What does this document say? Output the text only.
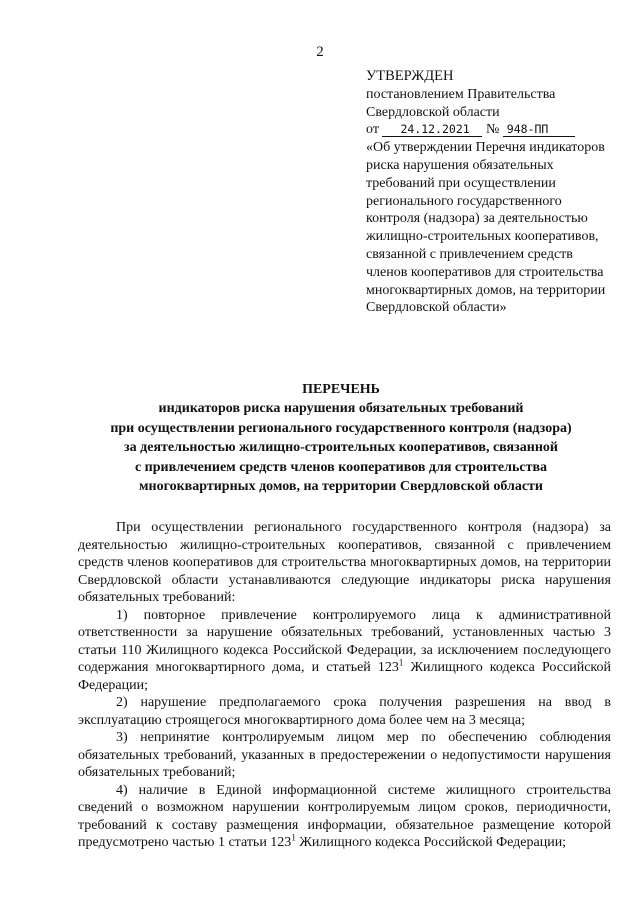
2
УТВЕРЖДЕН
постановлением Правительства
Свердловской области
от 24.12.2021 № 948-ПП
«Об утверждении Перечня индикаторов риска нарушения обязательных требований при осуществлении регионального государственного контроля (надзора) за деятельностью жилищно-строительных кооперативов, связанной с привлечением средств членов кооперативов для строительства многоквартирных домов, на территории Свердловской области»
ПЕРЕЧЕНЬ
индикаторов риска нарушения обязательных требований
при осуществлении регионального государственного контроля (надзора)
за деятельностью жилищно-строительных кооперативов, связанной
с привлечением средств членов кооперативов для строительства
многоквартирных домов, на территории Свердловской области

При осуществлении регионального государственного контроля (надзора) за деятельностью жилищно-строительных кооперативов, связанной с привлечением средств членов кооперативов для строительства многоквартирных домов, на территории Свердловской области устанавливаются следующие индикаторы риска нарушения обязательных требований:

1) повторное привлечение контролируемого лица к административной ответственности за нарушение обязательных требований, установленных частью 3 статьи 110 Жилищного кодекса Российской Федерации, за исключением последующего содержания многоквартирного дома, и статьей $123^1$ Жилищного кодекса Российской Федерации;

2) нарушение предполагаемого срока получения разрешения на ввод в эксплуатацию строящегося многоквартирного дома более чем на 3 месяца;

3) непринятие контролируемым лицом мер по обеспечению соблюдения обязательных требований, указанных в предостережении о недопустимости нарушения обязательных требований;

4) наличие в Единой информационной системе жилищного строительства сведений о возможном нарушении контролируемым лицом сроков, периодичности, требований к составу размещения информации, обязательное размещение которой предусмотрено частью 1 статьи $123^1$ Жилищного кодекса Российской Федерации;
